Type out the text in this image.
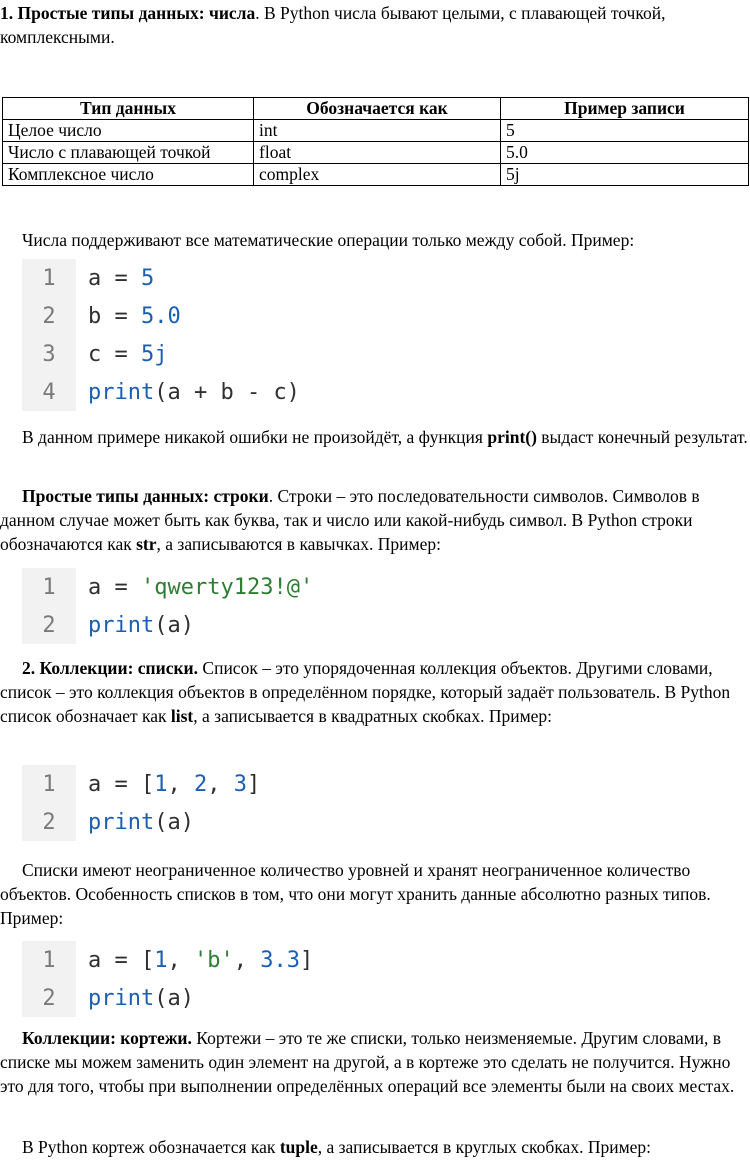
1. Простые типы данных: числа. В Python числа бывают целыми, с плавающей точкой, комплексными.

Тип данных	Обозначается как	Пример записи
Целое число	int	5
Число с плавающей точкой	float	5.0
Комплексное число	complex	5j

Числа поддерживают все математические операции только между собой. Пример:

1	a = 5
2	b = 5.0
3	c = 5j
4	print(a + b - c)

В данном примере никакой ошибки не произойдёт, а функция print() выдаст конечный результат.

Простые типы данных: строки. Строки – это последовательности символов. Символов в данном случае может быть как буква, так и число или какой-нибудь символ. В Python строки обозначаются как str, а записываются в кавычках. Пример:

1	a = 'qwerty123!@'
2	print(a)

2. Коллекции: списки. Список – это упорядоченная коллекция объектов. Другими словами, список – это коллекция объектов в определённом порядке, который задаёт пользователь. В Python список обозначает как list, а записывается в квадратных скобках. Пример:

1	a = [1, 2, 3]
2	print(a)

Списки имеют неограниченное количество уровней и хранят неограниченное количество объектов. Особенность списков в том, что они могут хранить данные абсолютно разных типов. Пример:

1	a = [1, 'b', 3.3]
2	print(a)

Коллекции: кортежи. Кортежи – это те же списки, только неизменяемые. Другим словами, в списке мы можем заменить один элемент на другой, а в кортеже это сделать не получится. Нужно это для того, чтобы при выполнении определённых операций все элементы были на своих местах.

В Python кортеж обозначается как tuple, а записывается в круглых скобках. Пример:
